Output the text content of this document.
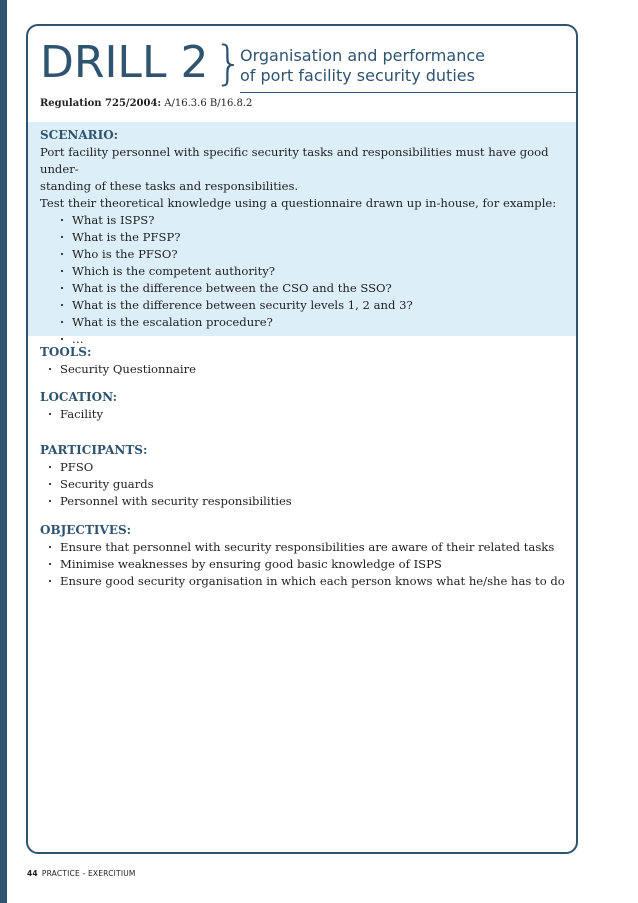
DRILL 2 }
Organisation and performance
of port facility security duties
Regulation 725/2004: A/16.3.6 B/16.8.2

SCENARIO:

Port facility personnel with specific security tasks and responsibilities must have good under-

standing of these tasks and responsibilities.

Test their theoretical knowledge using a questionnaire drawn up in-house, for example:

· What is ISPS?
· What is the PFSP?
· Who is the PFSO?
· Which is the competent authority?
· What is the difference between the CSO and the SSO?
· What is the difference between security levels 1, 2 and 3?
· What is the escalation procedure?
· …

TOOLS:

· Security Questionnaire

LOCATION:

· Facility

PARTICIPANTS:

· PFSO
· Security guards
· Personnel with security responsibilities

OBJECTIVES:

· Ensure that personnel with security responsibilities are aware of their related tasks
· Minimise weaknesses by ensuring good basic knowledge of ISPS
· Ensure good security organisation in which each person knows what he/she has to do
44 PRACTICE - EXERCITIUM
